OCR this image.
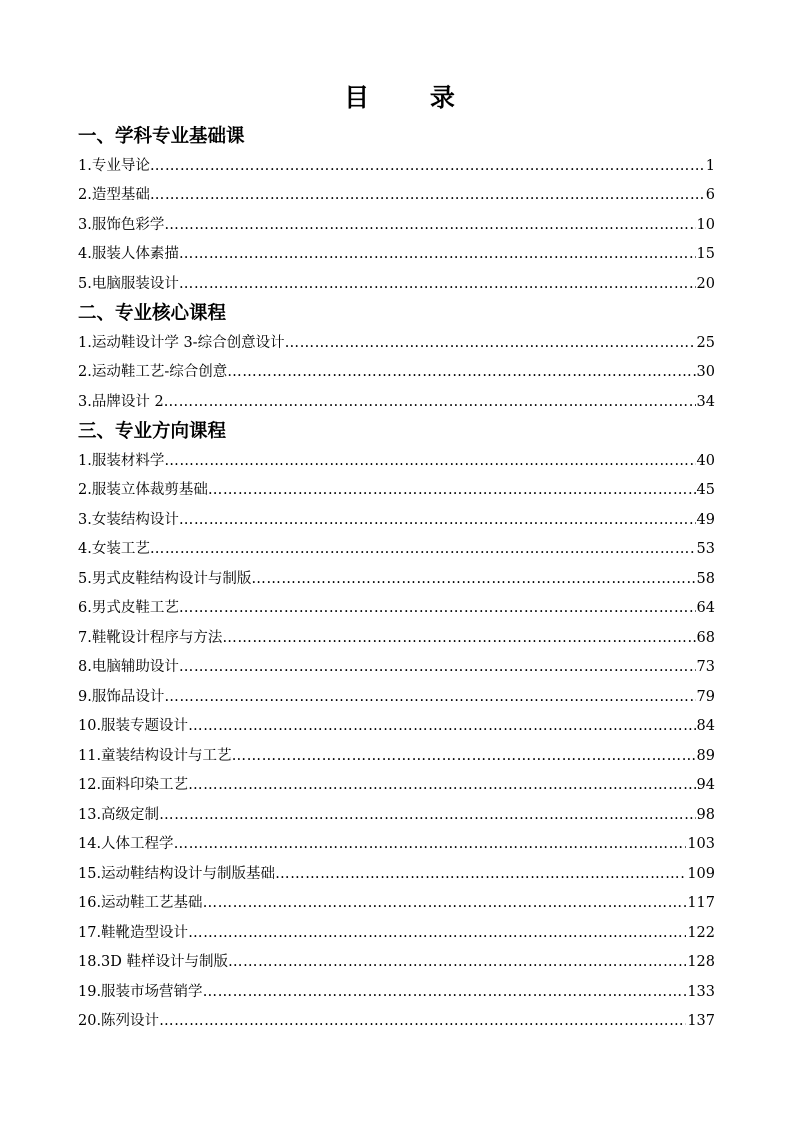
目 录
一、学科专业基础课
1.专业导论 ……………………………………………………………………………………………………………………………………………………………………………………	1
2.造型基础 ……………………………………………………………………………………………………………………………………………………………………………………	6
3.服饰色彩学 ……………………………………………………………………………………………………………………………………………………………………………………	10
4.服装人体素描 ……………………………………………………………………………………………………………………………………………………………………………………	15
5.电脑服装设计 ……………………………………………………………………………………………………………………………………………………………………………………	20
二、专业核心课程
1.运动鞋设计学 3-综合创意设计 ……………………………………………………………………………………………………………………………………………………………………………………	25
2.运动鞋工艺-综合创意 ……………………………………………………………………………………………………………………………………………………………………………………	30
3.品牌设计 2 ……………………………………………………………………………………………………………………………………………………………………………………	34
三、专业方向课程
1.服装材料学 ……………………………………………………………………………………………………………………………………………………………………………………	40
2.服装立体裁剪基础 ……………………………………………………………………………………………………………………………………………………………………………………	45
3.女装结构设计 ……………………………………………………………………………………………………………………………………………………………………………………	49
4.女装工艺 ……………………………………………………………………………………………………………………………………………………………………………………	53
5.男式皮鞋结构设计与制版 ……………………………………………………………………………………………………………………………………………………………………………………	58
6.男式皮鞋工艺 ……………………………………………………………………………………………………………………………………………………………………………………	64
7.鞋靴设计程序与方法 ……………………………………………………………………………………………………………………………………………………………………………………	68
8.电脑辅助设计 ……………………………………………………………………………………………………………………………………………………………………………………	73
9.服饰品设计 ……………………………………………………………………………………………………………………………………………………………………………………	79
10.服装专题设计 ……………………………………………………………………………………………………………………………………………………………………………………	84
11.童装结构设计与工艺 ……………………………………………………………………………………………………………………………………………………………………………………	89
12.面料印染工艺 ……………………………………………………………………………………………………………………………………………………………………………………	94
13.高级定制 ……………………………………………………………………………………………………………………………………………………………………………………	98
14.人体工程学 ……………………………………………………………………………………………………………………………………………………………………………………	103
15.运动鞋结构设计与制版基础 ……………………………………………………………………………………………………………………………………………………………………………………	109
16.运动鞋工艺基础 ……………………………………………………………………………………………………………………………………………………………………………………	117
17.鞋靴造型设计 ……………………………………………………………………………………………………………………………………………………………………………………	122
18.3D 鞋样设计与制版 ……………………………………………………………………………………………………………………………………………………………………………………	128
19.服装市场营销学 ……………………………………………………………………………………………………………………………………………………………………………………	133
20.陈列设计 ……………………………………………………………………………………………………………………………………………………………………………………	137
